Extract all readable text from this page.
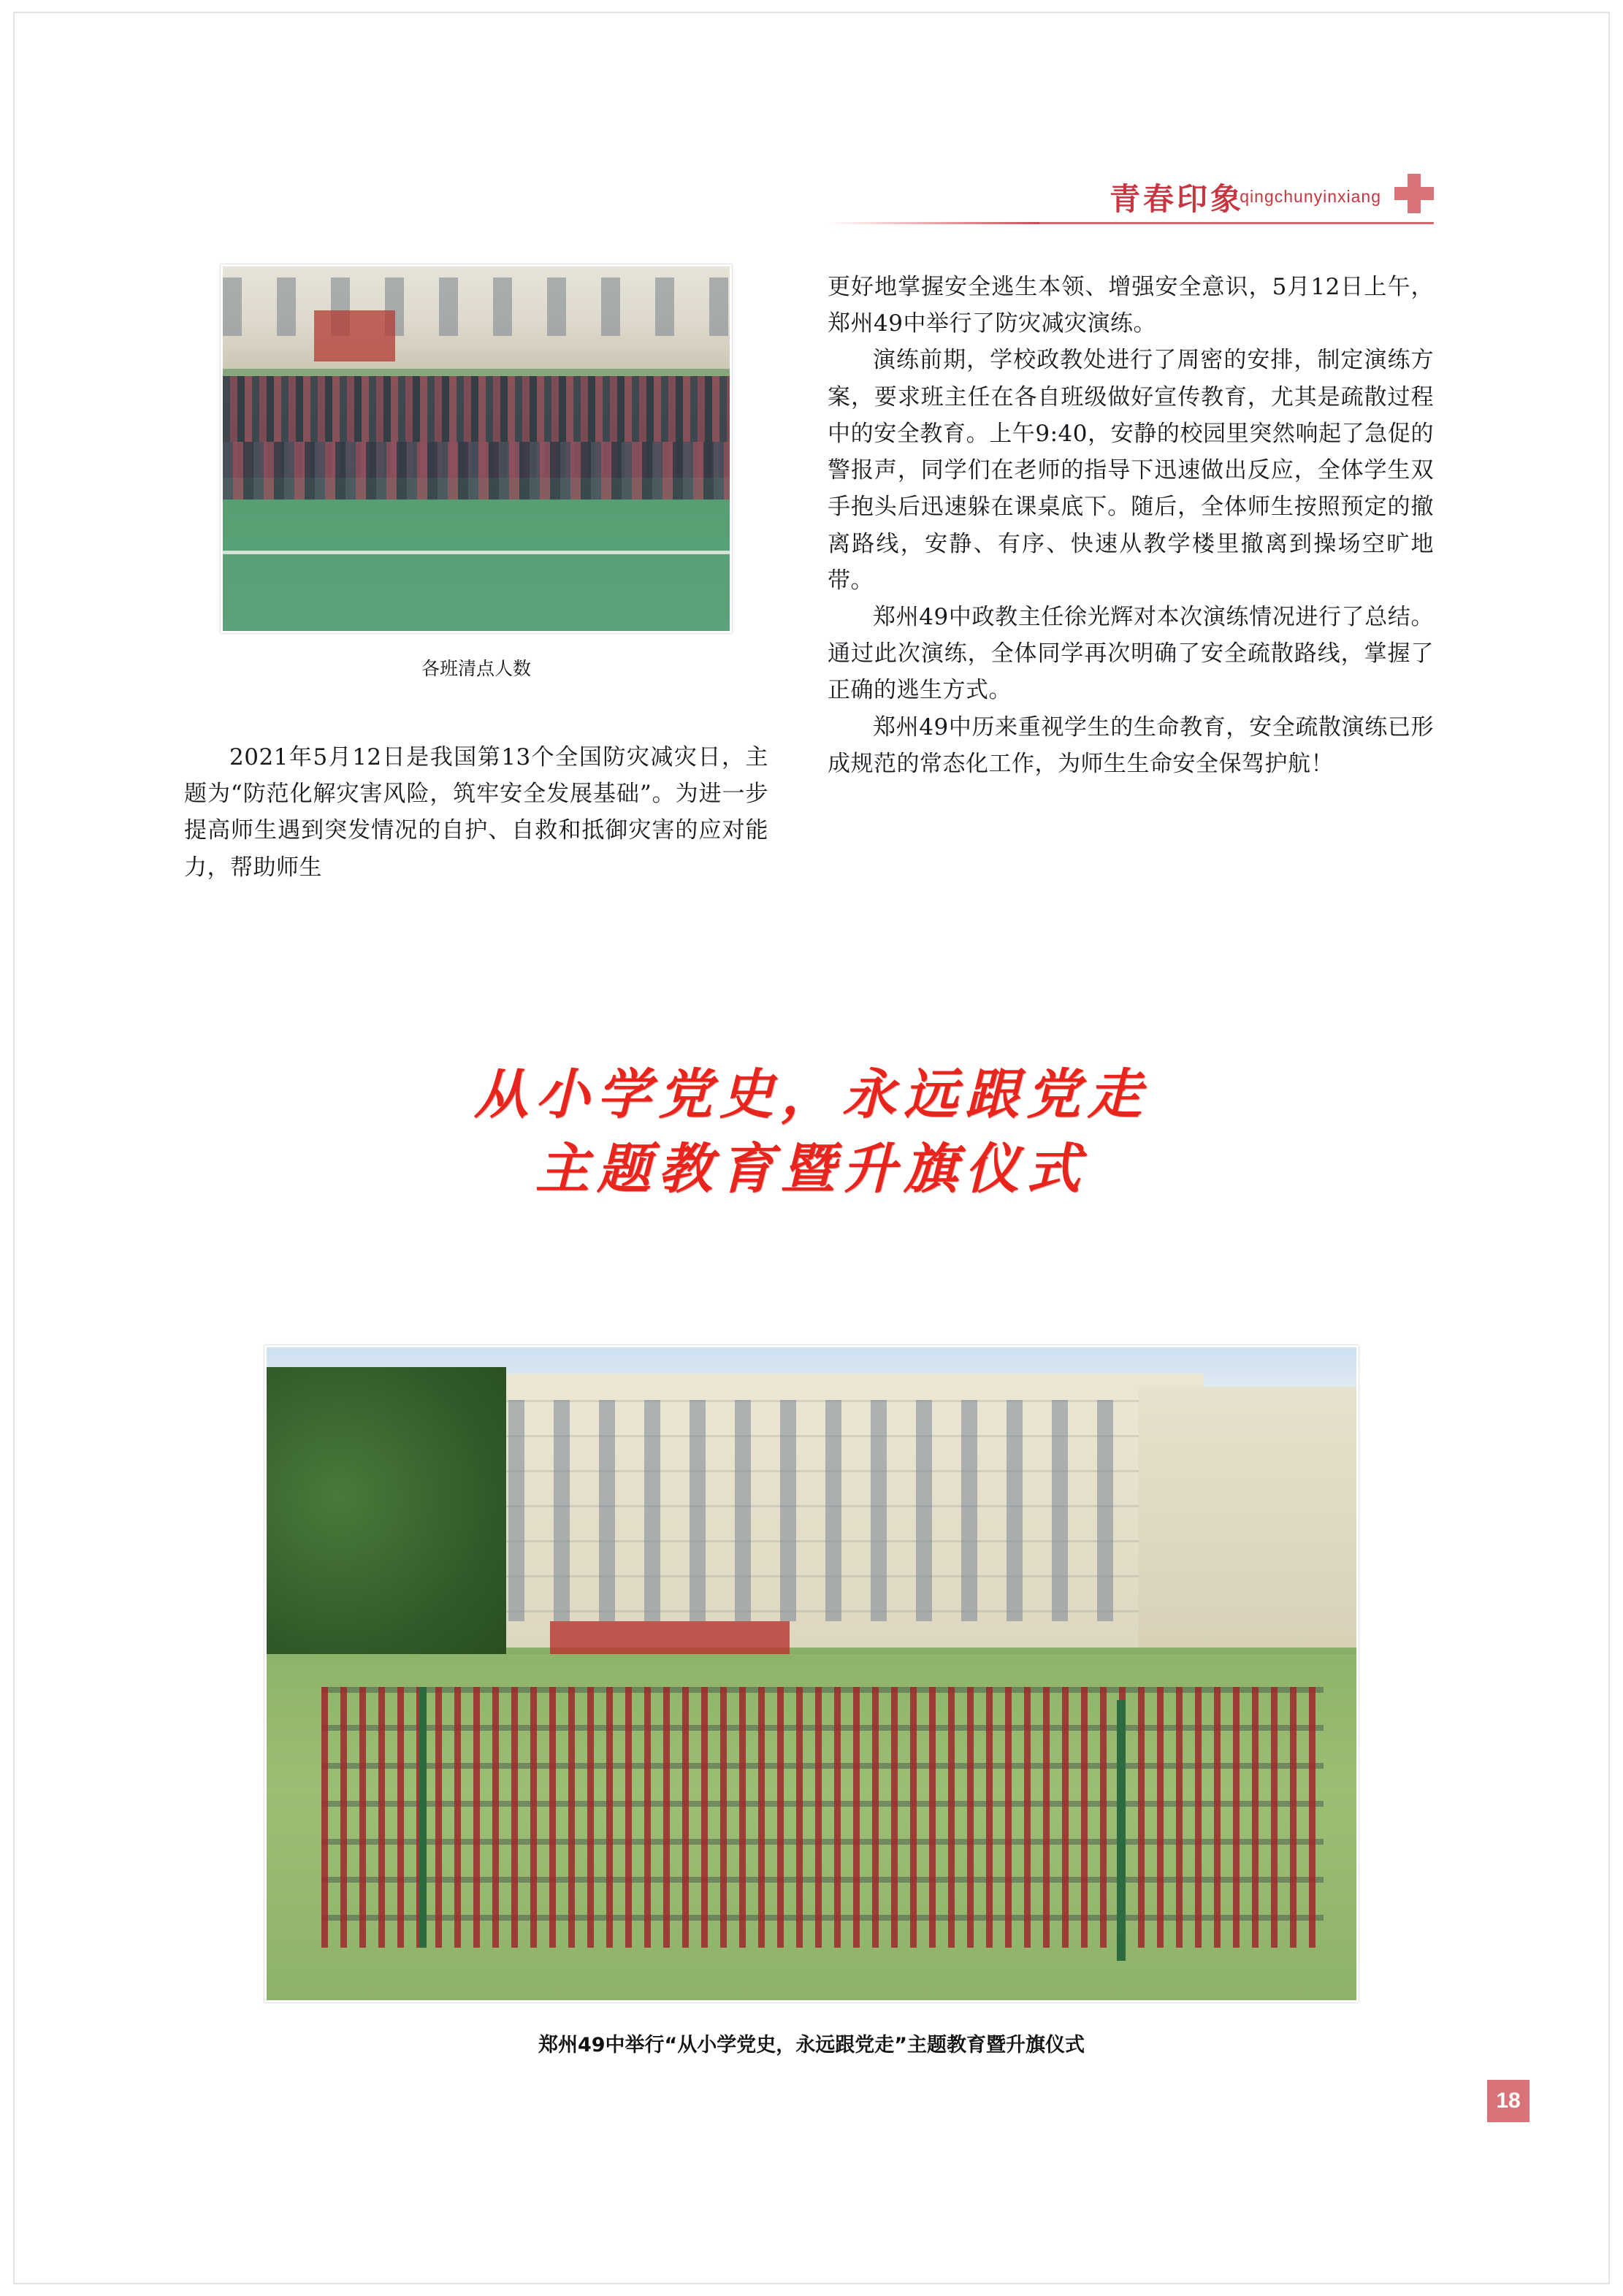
青春印象
qingchunyinxiang
各班清点人数

2021年5月12日是我国第13个全国防灾减灾日，主题为“防范化解灾害风险，筑牢安全发展基础”。为进一步提高师生遇到突发情况的自护、自救和抵御灾害的应对能力，帮助师生

更好地掌握安全逃生本领、增强安全意识，5月12日上午，郑州49中举行了防灾减灾演练。

演练前期，学校政教处进行了周密的安排，制定演练方案，要求班主任在各自班级做好宣传教育，尤其是疏散过程中的安全教育。上午9:40，安静的校园里突然响起了急促的警报声，同学们在老师的指导下迅速做出反应，全体学生双手抱头后迅速躲在课桌底下。随后，全体师生按照预定的撤离路线，安静、有序、快速从教学楼里撤离到操场空旷地带。

郑州49中政教主任徐光辉对本次演练情况进行了总结。通过此次演练，全体同学再次明确了安全疏散路线，掌握了正确的逃生方式。

郑州49中历来重视学生的生命教育，安全疏散演练已形成规范的常态化工作，为师生生命安全保驾护航！

从小学党史，永远跟党走
主题教育暨升旗仪式
郑州49中举行“从小学党史，永远跟党走”主题教育暨升旗仪式
18
